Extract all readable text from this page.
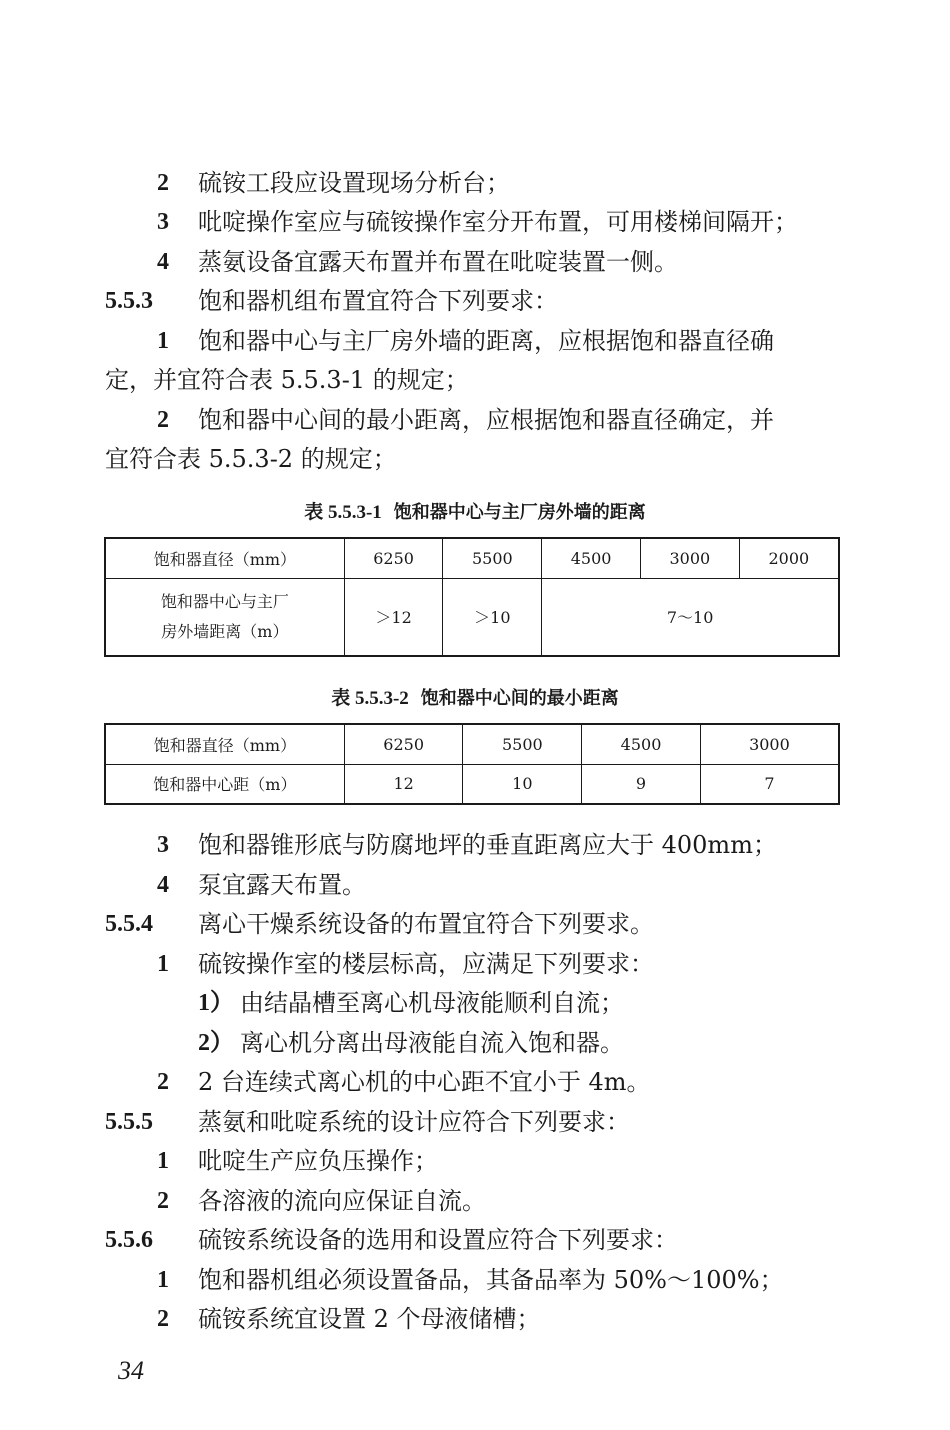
2 硫铵工段应设置现场分析台；
3 吡啶操作室应与硫铵操作室分开布置，可用楼梯间隔开；
4 蒸氨设备宜露天布置并布置在吡啶装置一侧。
5.5.3 饱和器机组布置宜符合下列要求：
1 饱和器中心与主厂房外墙的距离，应根据饱和器直径确
定，并宜符合表 5.5.3-1 的规定；
2 饱和器中心间的最小距离，应根据饱和器直径确定，并
宜符合表 5.5.3-2 的规定；
表 5.5.3-1 饱和器中心与主厂房外墙的距离
饱和器直径（mm）	6250	5500	4500	3000	2000

饱和器中心与主厂
房外墙距离（m）	＞12	＞10	7～10		
表 5.5.3-2 饱和器中心间的最小距离
饱和器直径（mm）	6250	5500	4500	3000
饱和器中心距（m）	12	10	9	7
3 饱和器锥形底与防腐地坪的垂直距离应大于 400mm；
4 泵宜露天布置。
5.5.4 离心干燥系统设备的布置宜符合下列要求。
1 硫铵操作室的楼层标高，应满足下列要求：
1） 由结晶槽至离心机母液能顺利自流；
2） 离心机分离出母液能自流入饱和器。
2 2 台连续式离心机的中心距不宜小于 4m。
5.5.5 蒸氨和吡啶系统的设计应符合下列要求：
1 吡啶生产应负压操作；
2 各溶液的流向应保证自流。
5.5.6 硫铵系统设备的选用和设置应符合下列要求：
1 饱和器机组必须设置备品，其备品率为 50%～100%；
2 硫铵系统宜设置 2 个母液储槽；
34
